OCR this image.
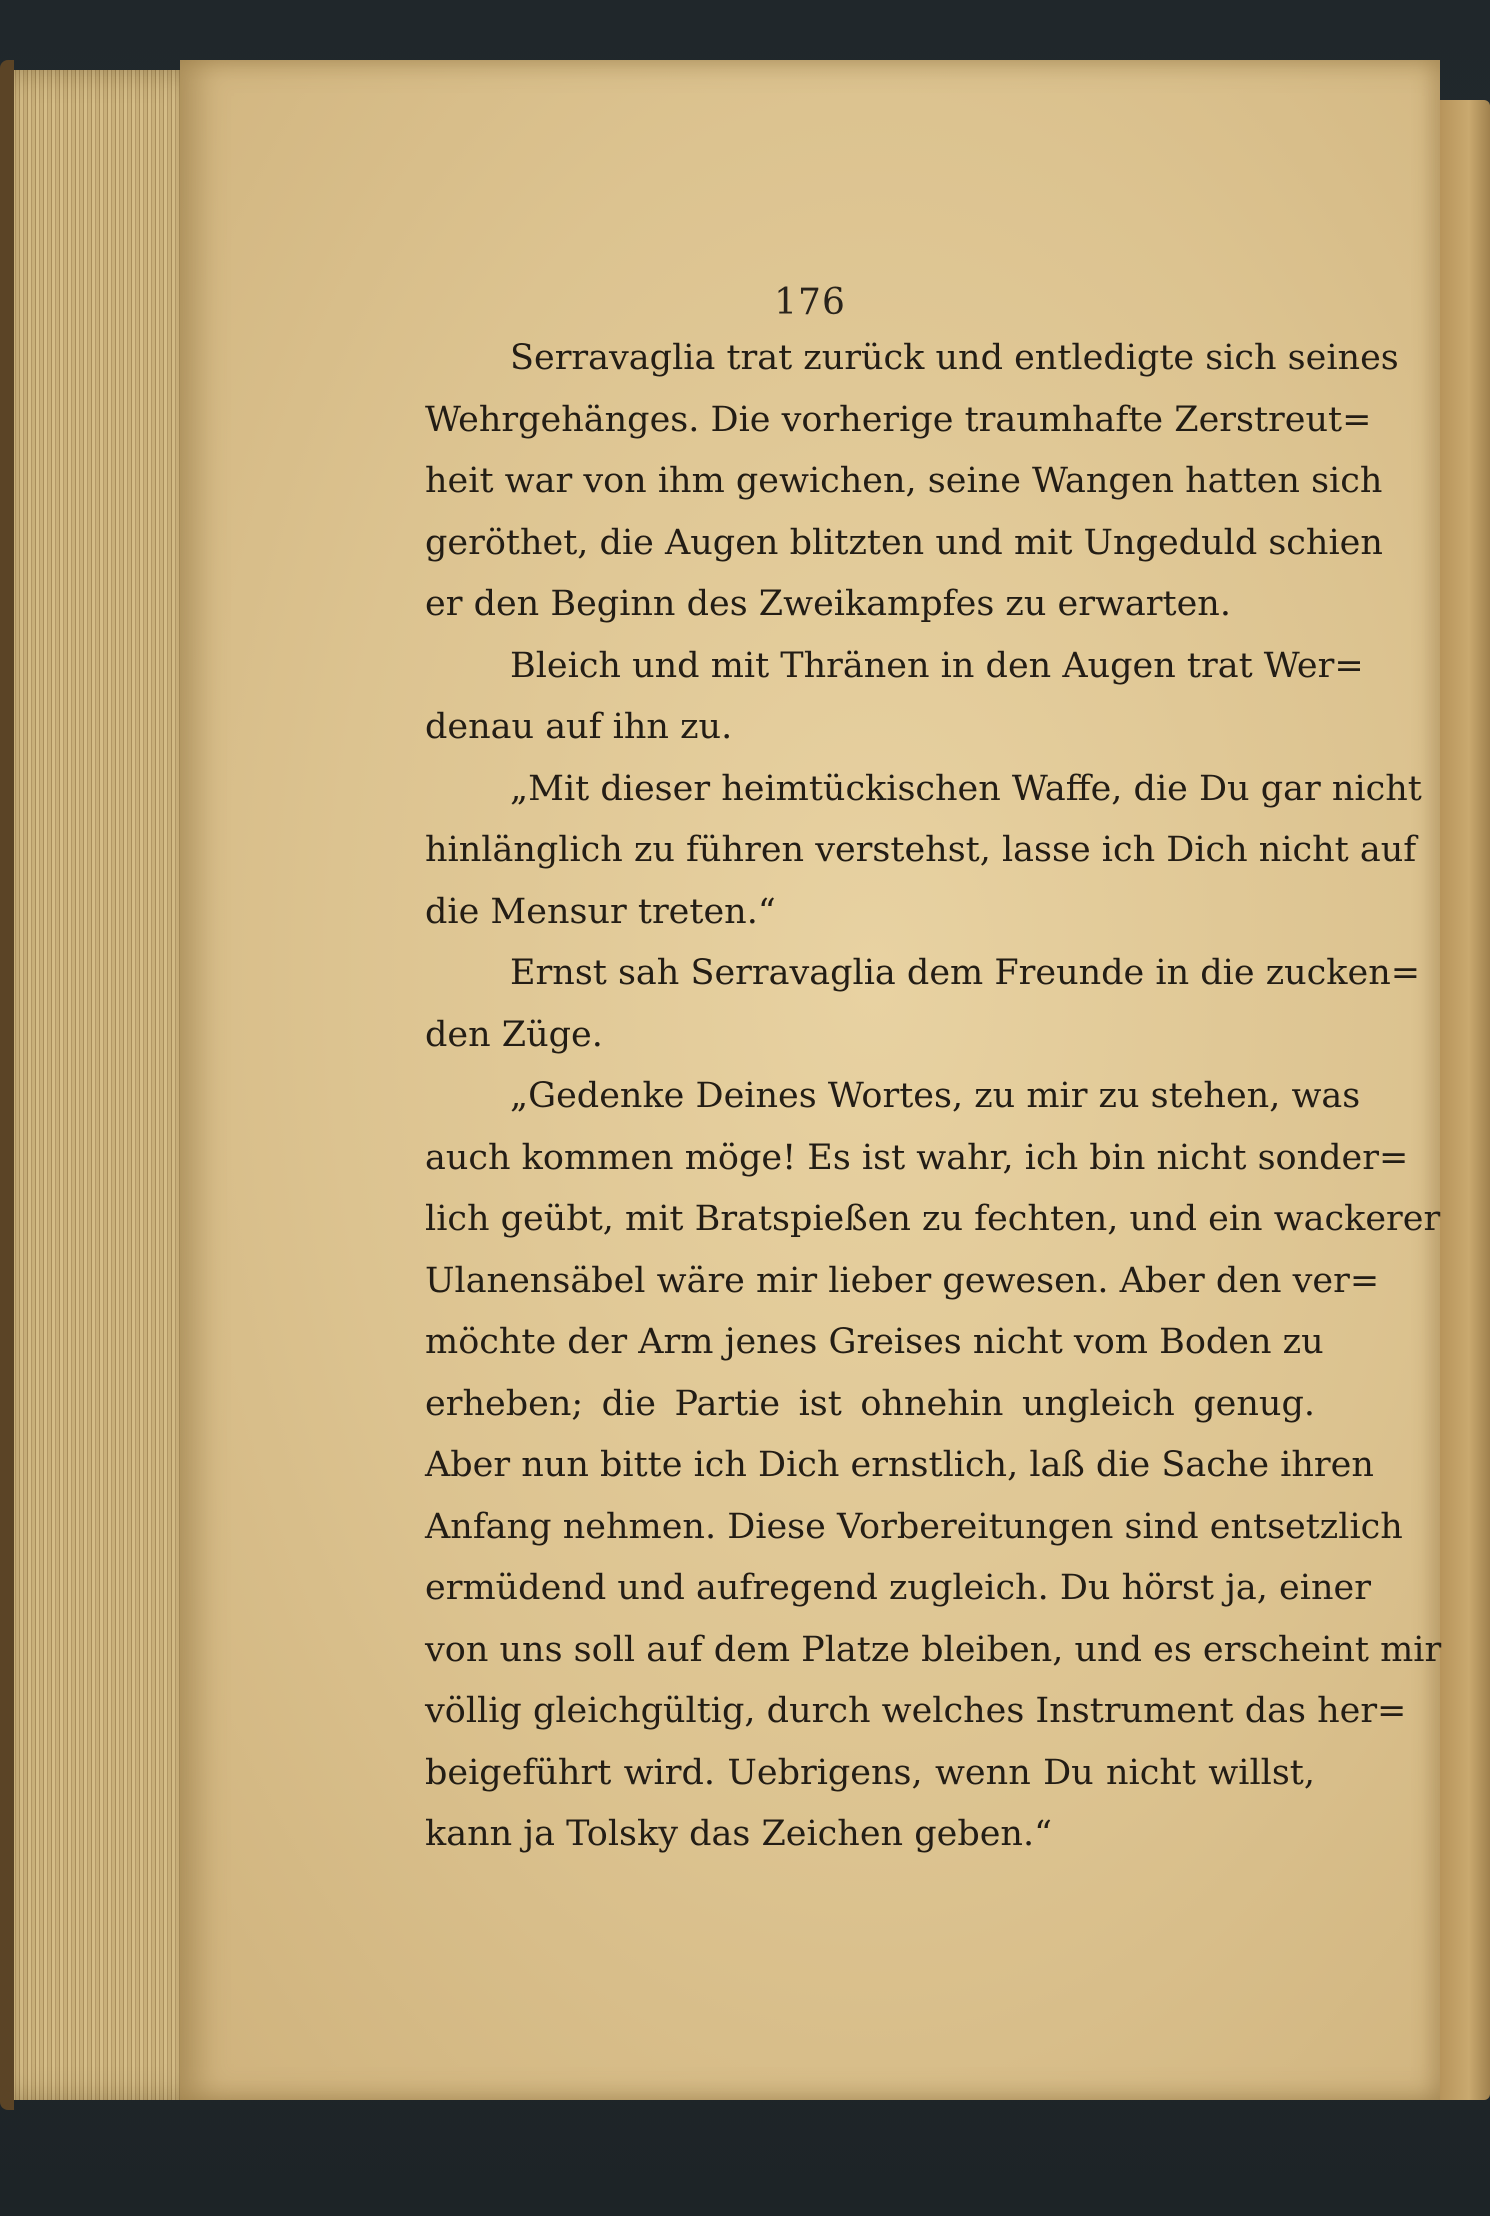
176

Serravaglia trat zurück und entledigte sich seines
Wehrgehänges. Die vorherige traumhafte Zerstreut=
heit war von ihm gewichen, seine Wangen hatten sich
geröthet, die Augen blitzten und mit Ungeduld schien
er den Beginn des Zweikampfes zu erwarten.

Bleich und mit Thränen in den Augen trat Wer=
denau auf ihn zu.

„Mit dieser heimtückischen Waffe, die Du gar nicht
hinlänglich zu führen verstehst, lasse ich Dich nicht auf
die Mensur treten.“

Ernst sah Serravaglia dem Freunde in die zucken=
den Züge.

„Gedenke Deines Wortes, zu mir zu stehen, was
auch kommen möge! Es ist wahr, ich bin nicht sonder=
lich geübt, mit Bratspießen zu fechten, und ein wackerer
Ulanensäbel wäre mir lieber gewesen. Aber den ver=
möchte der Arm jenes Greises nicht vom Boden zu
erheben; die Partie ist ohnehin ungleich genug.
Aber nun bitte ich Dich ernstlich, laß die Sache ihren
Anfang nehmen. Diese Vorbereitungen sind entsetzlich
ermüdend und aufregend zugleich. Du hörst ja, einer
von uns soll auf dem Platze bleiben, und es erscheint mir
völlig gleichgültig, durch welches Instrument das her=
beigeführt wird. Uebrigens, wenn Du nicht willst,
kann ja Tolsky das Zeichen geben.“
